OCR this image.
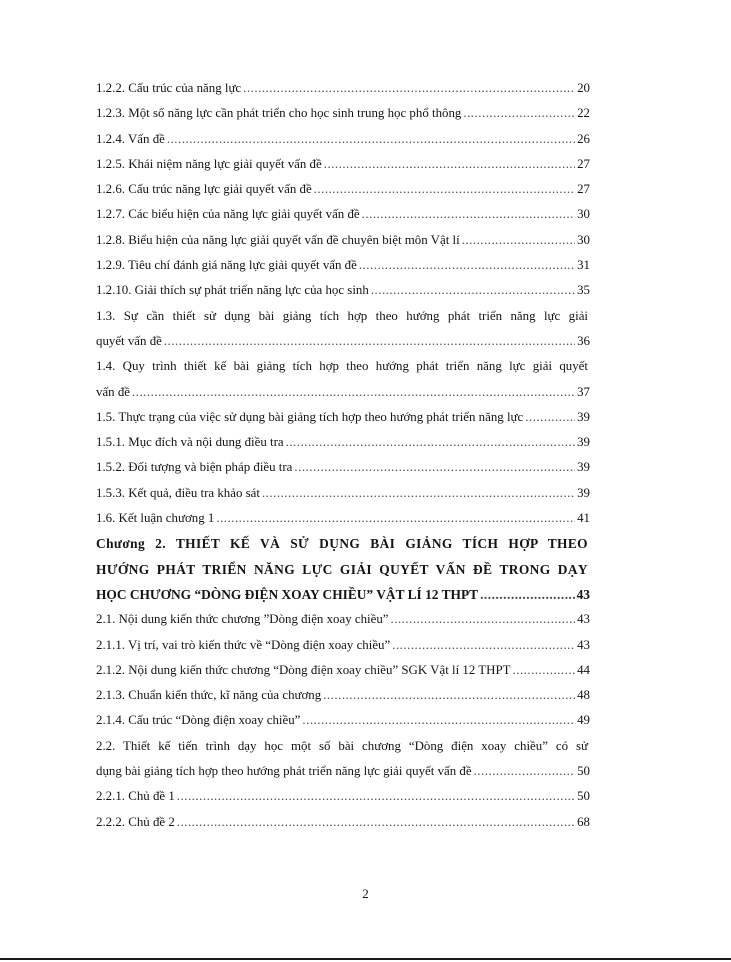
1.2.2. Cấu trúc của năng lực .....	20
1.2.3. Một số năng lực cần phát triển cho học sinh trung học phổ thông .....	22
1.2.4. Vấn đề .....	26
1.2.5. Khái niệm năng lực giải quyết vấn đề .....	27
1.2.6. Cấu trúc năng lực giải quyết vấn đề .....	27
1.2.7. Các biểu hiện của năng lực giải quyết vấn đề .....	30
1.2.8. Biểu hiện của năng lực giải quyết vấn đề chuyên biệt môn Vật lí .....	30
1.2.9. Tiêu chí đánh giá năng lực giải quyết vấn đề .....	31
1.2.10. Giải thích sự phát triển năng lực của học sinh .....	35
1.3. Sự cần thiết sử dụng bài giảng tích hợp theo hướng phát triển năng lực giải
quyết vấn đề .....	36
1.4. Quy trình thiết kế bài giảng tích hợp theo hướng phát triển năng lực giải quyết
vấn đề .....	37
1.5. Thực trạng của việc sử dụng bài giảng tích hợp theo hướng phát triển năng lực .....	39
1.5.1. Mục đích và nội dung điều tra .....	39
1.5.2. Đối tượng và biện pháp điều tra .....	39
1.5.3. Kết quả, điều tra khảo sát .....	39
1.6. Kết luận chương 1 .....	41
Chương 2. THIẾT KẾ VÀ SỬ DỤNG BÀI GIẢNG TÍCH HỢP THEO
HƯỚNG PHÁT TRIỂN NĂNG LỰC GIẢI QUYẾT VẤN ĐỀ TRONG DẠY
HỌC CHƯƠNG “DÒNG ĐIỆN XOAY CHIỀU” VẬT LÍ 12 THPT .....	43
2.1. Nội dung kiến thức chương ”Dòng điện xoay chiều” .....	43
2.1.1. Vị trí, vai trò kiến thức về “Dòng điện xoay chiều” .....	43
2.1.2. Nội dung kiến thức chương “Dòng điện xoay chiều” SGK Vật lí 12 THPT .....	44
2.1.3. Chuẩn kiến thức, kĩ năng của chương .....	48
2.1.4. Cấu trúc “Dòng điện xoay chiều” .....	49
2.2. Thiết kế tiến trình dạy học một số bài chương “Dòng điện xoay chiều” có sử
dụng bài giảng tích hợp theo hướng phát triển năng lực giải quyết vấn đề .....	50
2.2.1. Chủ đề 1 .....	50
2.2.2. Chủ đề 2 .....	68
2
